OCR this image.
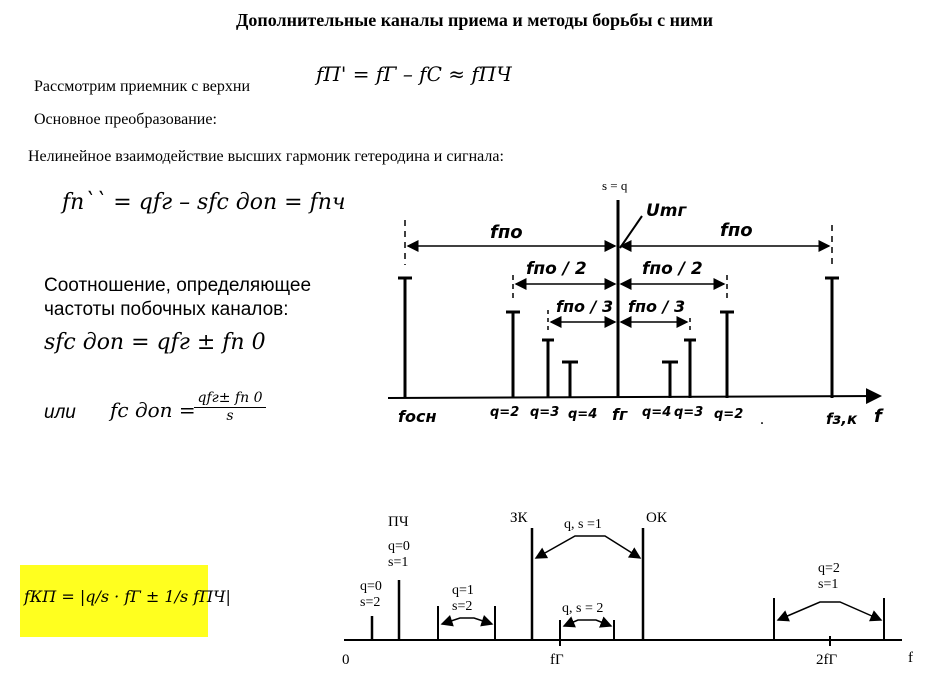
Дополнительные каналы приема и методы борьбы с ними
Рассмотрим приемник с верхни
fП' = fГ – fС ≈ fПЧ
Основное преобразование:
Нелинейное взаимодействие высших гармоник гетеродина и сигнала:
fп`` = qfг – sfс доп = fпч
Соотношение, определяющее
частоты побочных каналов:
sfс доп = qfг ± fп 0
или fс доп = qfг± fп 0
s
fКП = |q/s · fГ ± 1/s fПЧ|
s = q
Umг
fпо	fпо
fпо / 2	fпо / 2
fпо / 3 fпо / 3
fосн	q=2 q=3 q=4 fг q=4 q=3 q=2 .	fз,к f
ПЧ
q=0
s=1
q=0
s=2
q=1
s=2
ЗК	ОК
q, s =1
q, s = 2
q=2
s=1
0	fГ	2fГ	f
